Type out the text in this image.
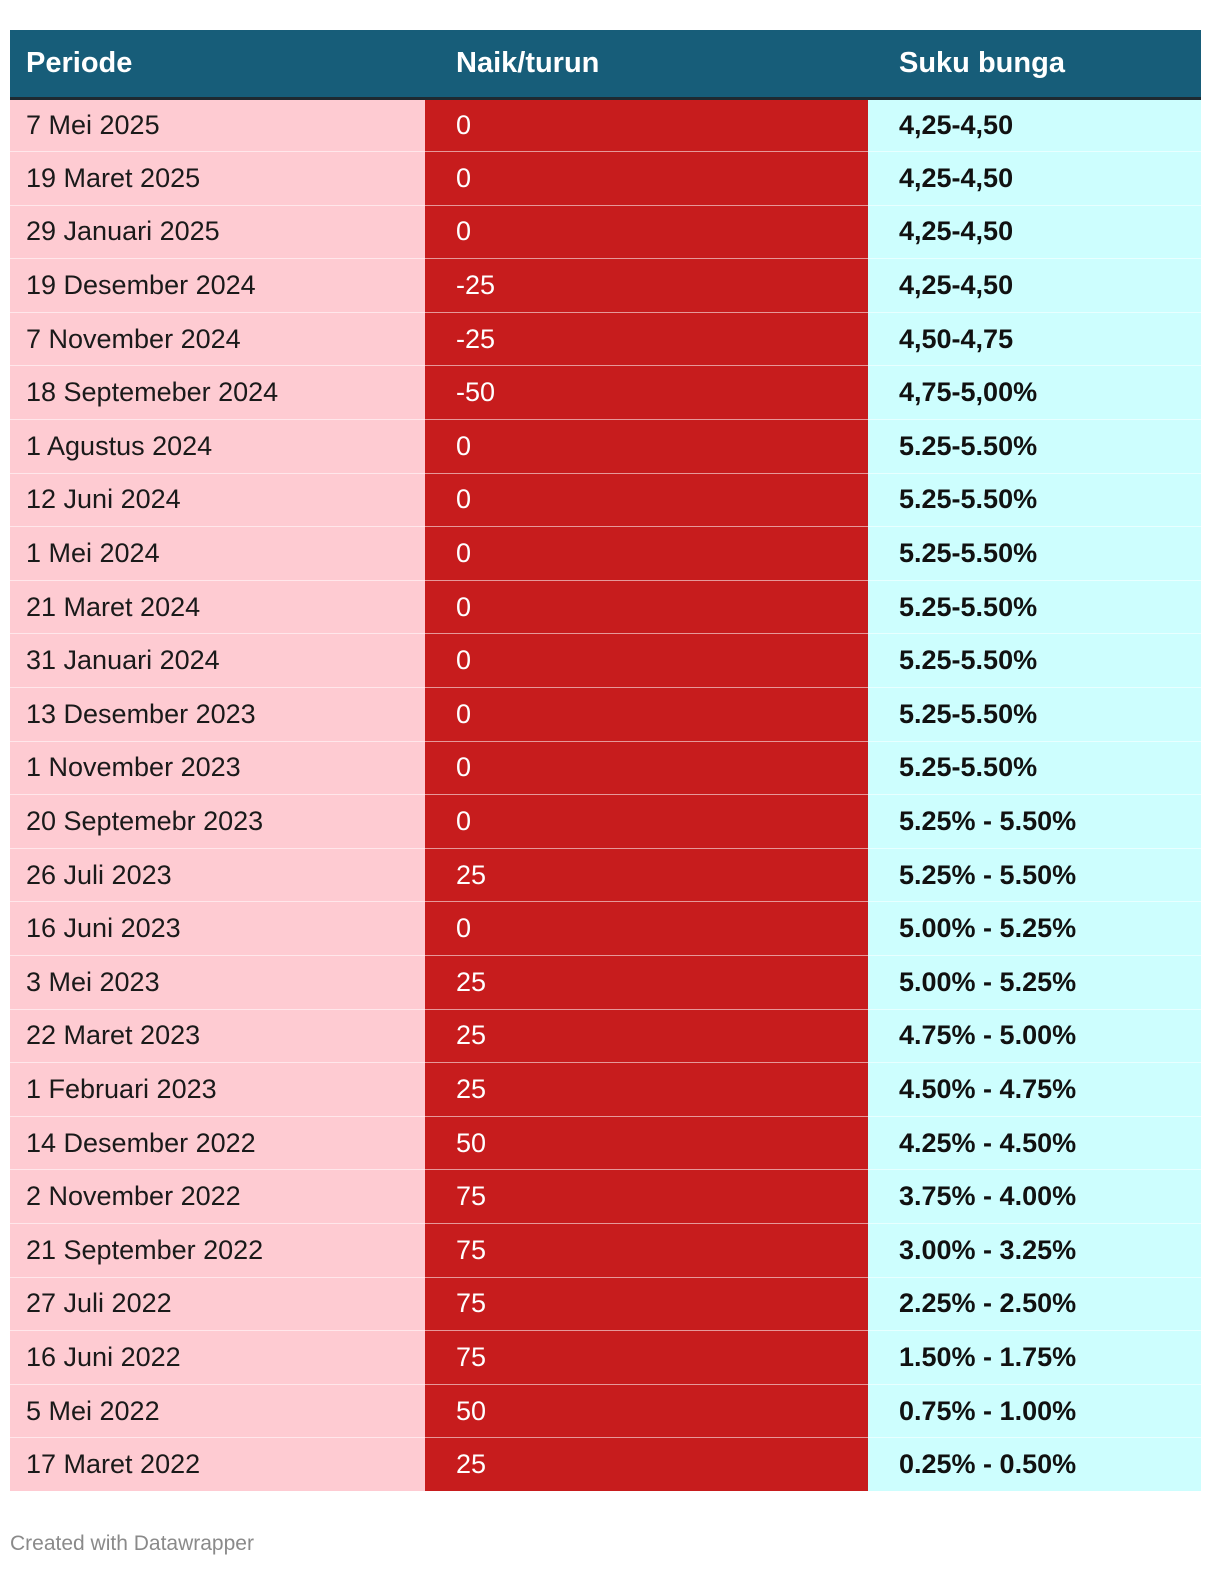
Periode	Naik/turun	Suku bunga
7 Mei 2025	0	4,25-4,50
19 Maret 2025	0	4,25-4,50
29 Januari 2025	0	4,25-4,50
19 Desember 2024	-25	4,25-4,50
7 November 2024	-25	4,50-4,75
18 Septemeber 2024	-50	4,75-5,00%
1 Agustus 2024	0	5.25-5.50%
12 Juni 2024	0	5.25-5.50%
1 Mei 2024	0	5.25-5.50%
21 Maret 2024	0	5.25-5.50%
31 Januari 2024	0	5.25-5.50%
13 Desember 2023	0	5.25-5.50%
1 November 2023	0	5.25-5.50%
20 Septemebr 2023	0	5.25% - 5.50%
26 Juli 2023	25	5.25% - 5.50%
16 Juni 2023	0	5.00% - 5.25%
3 Mei 2023	25	5.00% - 5.25%
22 Maret 2023	25	4.75% - 5.00%
1 Februari 2023	25	4.50% - 4.75%
14 Desember 2022	50	4.25% - 4.50%
2 November 2022	75	3.75% - 4.00%
21 September 2022	75	3.00% - 3.25%
27 Juli 2022	75	2.25% - 2.50%
16 Juni 2022	75	1.50% - 1.75%
5 Mei 2022	50	0.75% - 1.00%
17 Maret 2022	25	0.25% - 0.50%
Created with Datawrapper
